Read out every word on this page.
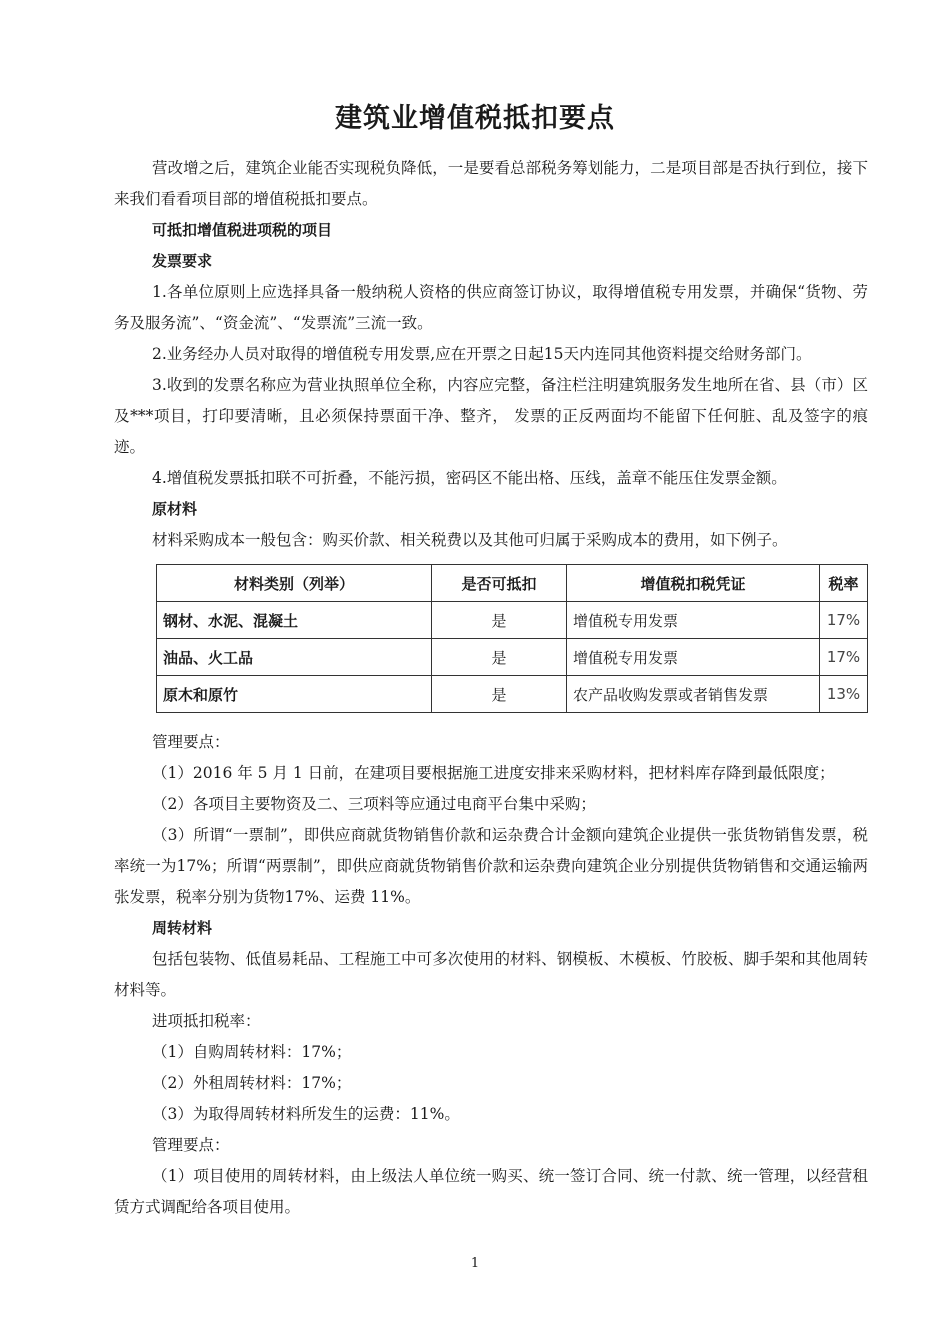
建筑业增值税抵扣要点

营改增之后，建筑企业能否实现税负降低，一是要看总部税务筹划能力，二是项目部是否执行到位，接下来我们看看项目部的增值税抵扣要点。

可抵扣增值税进项税的项目

发票要求

1.各单位原则上应选择具备一般纳税人资格的供应商签订协议，取得增值税专用发票，并确保“货物、劳务及服务流”、“资金流”、“发票流”三流一致。

2.业务经办人员对取得的增值税专用发票,应在开票之日起15天内连同其他资料提交给财务部门。

3.收到的发票名称应为营业执照单位全称，内容应完整，备注栏注明建筑服务发生地所在省、县（市）区及***项目，打印要清晰，且必须保持票面干净、整齐， 发票的正反两面均不能留下任何脏、乱及签字的痕迹。

4.增值税发票抵扣联不可折叠，不能污损，密码区不能出格、压线，盖章不能压住发票金额。

原材料

材料采购成本一般包含：购买价款、相关税费以及其他可归属于采购成本的费用，如下例子。

材料类别（列举）	是否可抵扣	增值税扣税凭证	税率
钢材、水泥、混凝土	是	增值税专用发票	17%
油品、火工品	是	增值税专用发票	17%
原木和原竹	是	农产品收购发票或者销售发票	13%

管理要点：

（1）2016 年 5 月 1 日前，在建项目要根据施工进度安排来采购材料，把材料库存降到最低限度；

（2）各项目主要物资及二、三项料等应通过电商平台集中采购；

（3）所谓“一票制”，即供应商就货物销售价款和运杂费合计金额向建筑企业提供一张货物销售发票，税率统一为17%；所谓“两票制”，即供应商就货物销售价款和运杂费向建筑企业分别提供货物销售和交通运输两张发票，税率分别为货物17%、运费 11%。

周转材料

包括包装物、低值易耗品、工程施工中可多次使用的材料、钢模板、木模板、竹胶板、脚手架和其他周转材料等。

进项抵扣税率：

（1）自购周转材料：17%；

（2）外租周转材料：17%；

（3）为取得周转材料所发生的运费：11%。

管理要点：

（1）项目使用的周转材料，由上级法人单位统一购买、统一签订合同、统一付款、统一管理，以经营租赁方式调配给各项目使用。

1
